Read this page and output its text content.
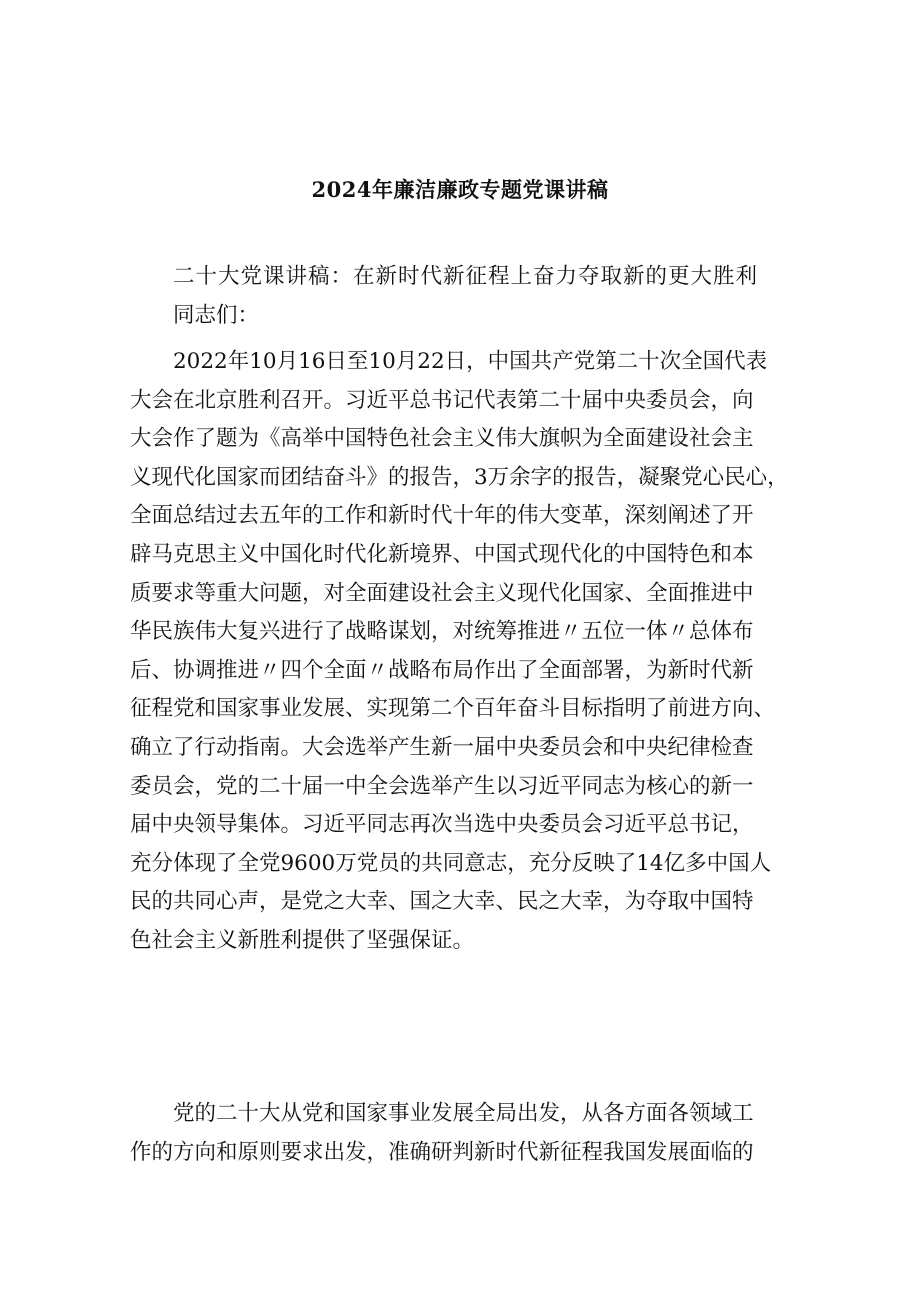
2024年廉洁廉政专题党课讲稿

二十大党课讲稿：在新时代新征程上奋力夺取新的更大胜利

同志们：

2022年10月16日至10月22日，中国共产党第二十次全国代表
大会在北京胜利召开。习近平总书记代表第二十届中央委员会，向
大会作了题为《高举中国特色社会主义伟大旗帜为全面建设社会主
义现代化国家而团结奋斗》的报告，3万余字的报告，凝聚党心民心，
全面总结过去五年的工作和新时代十年的伟大变革，深刻阐述了开
辟马克思主义中国化时代化新境界、中国式现代化的中国特色和本
质要求等重大问题，对全面建设社会主义现代化国家、全面推进中
华民族伟大复兴进行了战略谋划，对统筹推进〃五位一体〃总体布
后、协调推进〃四个全面〃战略布局作出了全面部署，为新时代新
征程党和国家事业发展、实现第二个百年奋斗目标指明了前进方向、
确立了行动指南。大会选举产生新一届中央委员会和中央纪律检查
委员会，党的二十届一中全会选举产生以习近平同志为核心的新一
届中央领导集体。习近平同志再次当选中央委员会习近平总书记，
充分体现了全党9600万党员的共同意志，充分反映了14亿多中国人
民的共同心声，是党之大幸、国之大幸、民之大幸，为夺取中国特
色社会主义新胜利提供了坚强保证。
党的二十大从党和国家事业发展全局出发，从各方面各领域工
作的方向和原则要求出发，准确研判新时代新征程我国发展面临的
